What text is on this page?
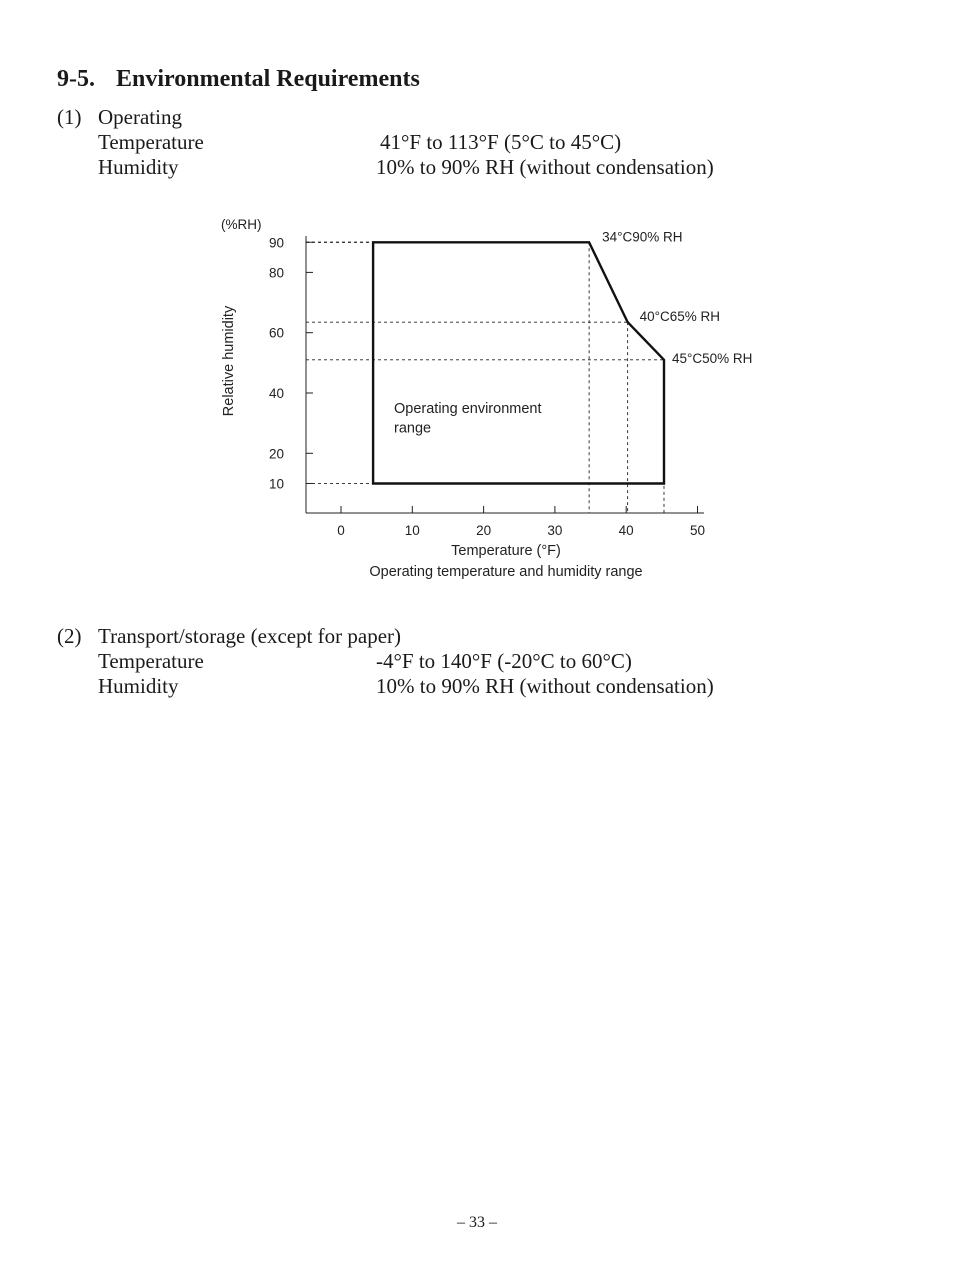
9-5. Environmental Requirements
(1) Operating
Temperature	41°F to 113°F (5°C to 45°C)
Humidity	10% to 90% RH (without condensation)
10
20
40
60
80
90
0	10	20	30	40	50
Operating environment
range
34°C90% RH
40°C65% RH
45°C50% RH
(%RH)
Relative humidity
Temperature (°F)
Operating temperature and humidity range
(2) Transport/storage (except for paper)
Temperature	-4°F to 140°F (-20°C to 60°C)
Humidity	10% to 90% RH (without condensation)
– 33 –
